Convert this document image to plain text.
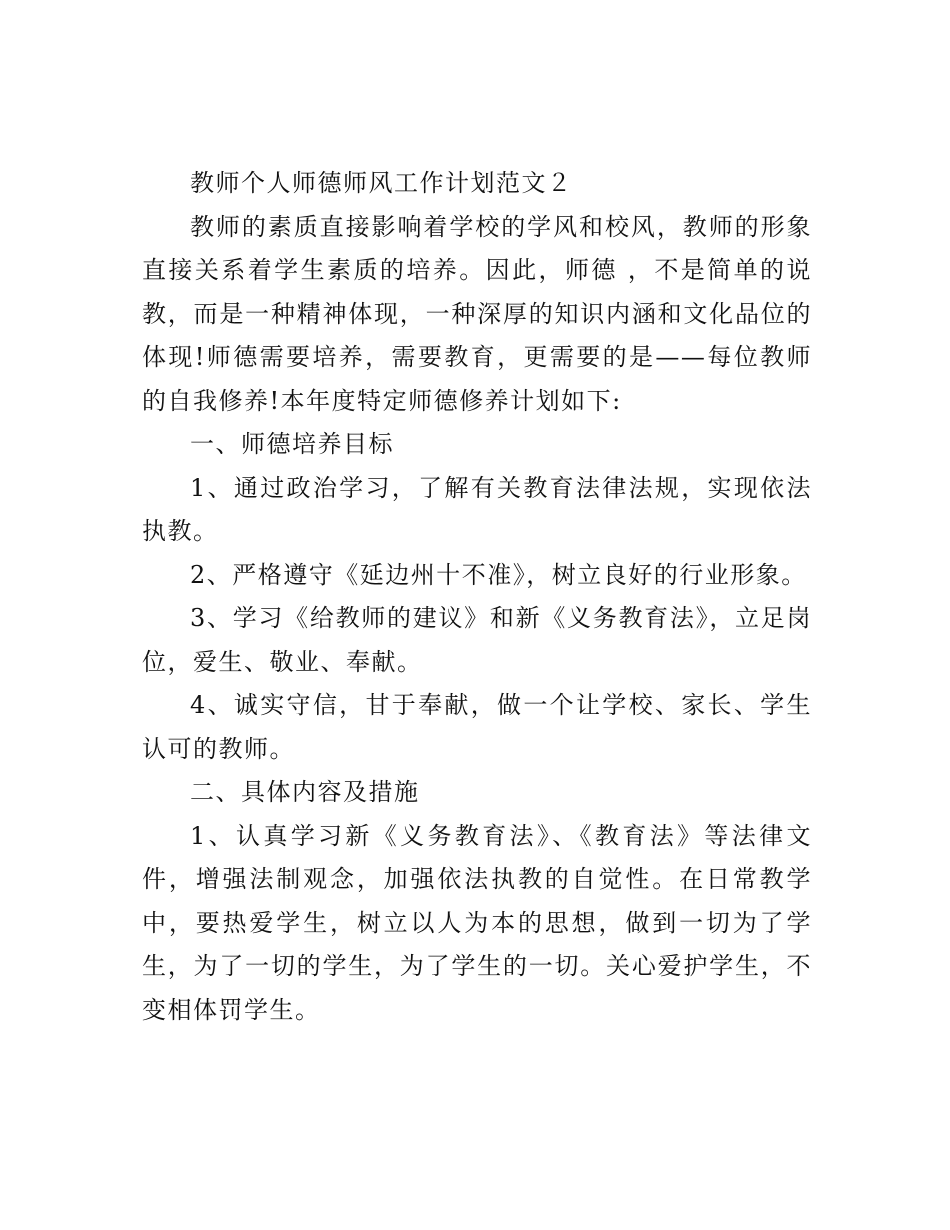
教师个人师德师风工作计划范文２

教师的素质直接影响着学校的学风和校风，教师的形象直接关系着学生素质的培养。因此，师德 ，不是简单的说教，而是一种精神体现，一种深厚的知识内涵和文化品位的体现!师德需要培养，需要教育，更需要的是——每位教师的自我修养!本年度特定师德修养计划如下:

一、师德培养目标

1、通过政治学习，了解有关教育法律法规，实现依法执教。

2、严格遵守《延边州十不准》，树立良好的行业形象。

3、学习《给教师的建议》和新《义务教育法》，立足岗位，爱生、敬业、奉献。

4、诚实守信，甘于奉献，做一个让学校、家长、学生认可的教师。

二、具体内容及措施

1、认真学习新《义务教育法》、《教育法》等法律文件，增强法制观念，加强依法执教的自觉性。在日常教学中，要热爱学生，树立以人为本的思想，做到一切为了学生，为了一切的学生，为了学生的一切。关心爱护学生，不变相体罚学生。
